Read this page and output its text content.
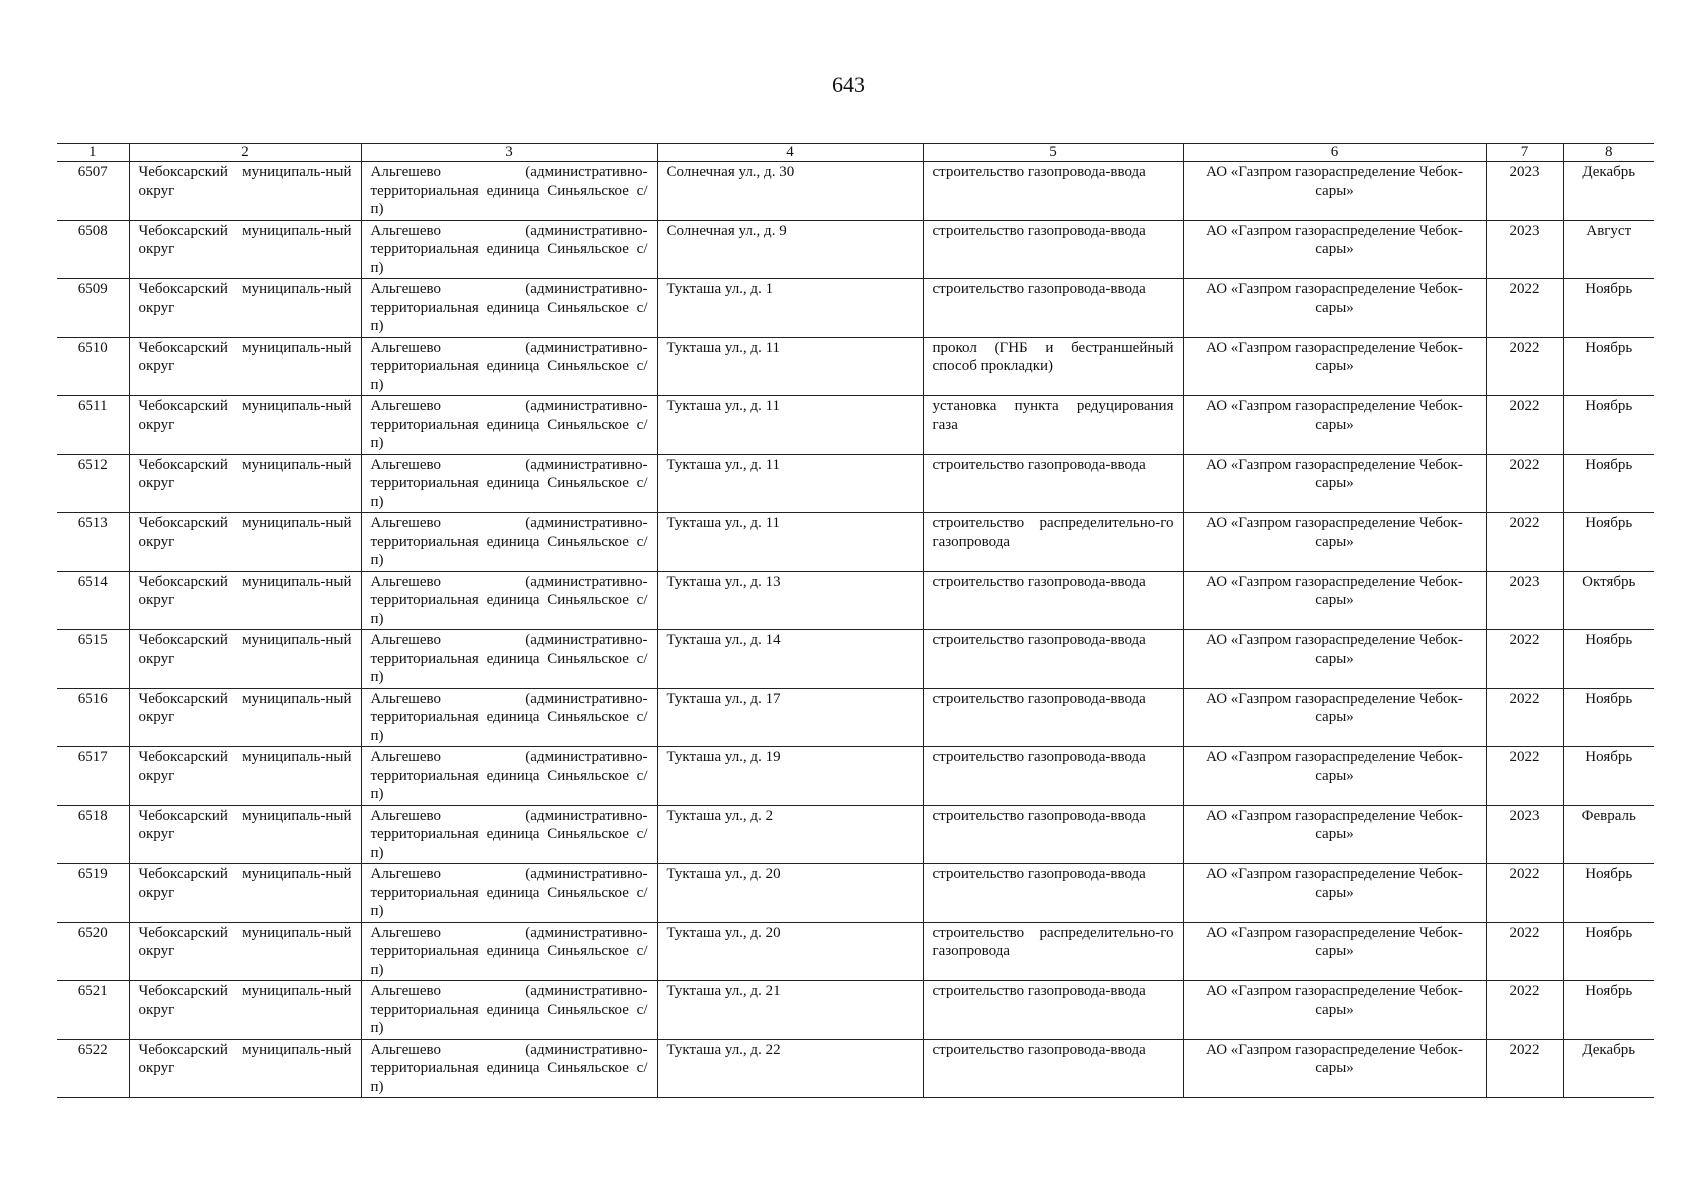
643
1	2	3	4	5	6	7	8
6507	Чебоксарский муниципаль-ный округ	Альгешево (административно-территориальная единица Синьяльское с/п)	Солнечная ул., д. 30	строительство газопровода-ввода	АО «Газпром газораспределение Чебок-сары»	2023	Декабрь
6508	Чебоксарский муниципаль-ный округ	Альгешево (административно-территориальная единица Синьяльское с/п)	Солнечная ул., д. 9	строительство газопровода-ввода	АО «Газпром газораспределение Чебок-сары»	2023	Август
6509	Чебоксарский муниципаль-ный округ	Альгешево (административно-территориальная единица Синьяльское с/п)	Тукташа ул., д. 1	строительство газопровода-ввода	АО «Газпром газораспределение Чебок-сары»	2022	Ноябрь
6510	Чебоксарский муниципаль-ный округ	Альгешево (административно-территориальная единица Синьяльское с/п)	Тукташа ул., д. 11	прокол (ГНБ и бестраншейный способ прокладки)	АО «Газпром газораспределение Чебок-сары»	2022	Ноябрь
6511	Чебоксарский муниципаль-ный округ	Альгешево (административно-территориальная единица Синьяльское с/п)	Тукташа ул., д. 11	установка пункта редуцирования газа	АО «Газпром газораспределение Чебок-сары»	2022	Ноябрь
6512	Чебоксарский муниципаль-ный округ	Альгешево (административно-территориальная единица Синьяльское с/п)	Тукташа ул., д. 11	строительство газопровода-ввода	АО «Газпром газораспределение Чебок-сары»	2022	Ноябрь
6513	Чебоксарский муниципаль-ный округ	Альгешево (административно-территориальная единица Синьяльское с/п)	Тукташа ул., д. 11	строительство распределительно-го газопровода	АО «Газпром газораспределение Чебок-сары»	2022	Ноябрь
6514	Чебоксарский муниципаль-ный округ	Альгешево (административно-территориальная единица Синьяльское с/п)	Тукташа ул., д. 13	строительство газопровода-ввода	АО «Газпром газораспределение Чебок-сары»	2023	Октябрь
6515	Чебоксарский муниципаль-ный округ	Альгешево (административно-территориальная единица Синьяльское с/п)	Тукташа ул., д. 14	строительство газопровода-ввода	АО «Газпром газораспределение Чебок-сары»	2022	Ноябрь
6516	Чебоксарский муниципаль-ный округ	Альгешево (административно-территориальная единица Синьяльское с/п)	Тукташа ул., д. 17	строительство газопровода-ввода	АО «Газпром газораспределение Чебок-сары»	2022	Ноябрь
6517	Чебоксарский муниципаль-ный округ	Альгешево (административно-территориальная единица Синьяльское с/п)	Тукташа ул., д. 19	строительство газопровода-ввода	АО «Газпром газораспределение Чебок-сары»	2022	Ноябрь
6518	Чебоксарский муниципаль-ный округ	Альгешево (административно-территориальная единица Синьяльское с/п)	Тукташа ул., д. 2	строительство газопровода-ввода	АО «Газпром газораспределение Чебок-сары»	2023	Февраль
6519	Чебоксарский муниципаль-ный округ	Альгешево (административно-территориальная единица Синьяльское с/п)	Тукташа ул., д. 20	строительство газопровода-ввода	АО «Газпром газораспределение Чебок-сары»	2022	Ноябрь
6520	Чебоксарский муниципаль-ный округ	Альгешево (административно-территориальная единица Синьяльское с/п)	Тукташа ул., д. 20	строительство распределительно-го газопровода	АО «Газпром газораспределение Чебок-сары»	2022	Ноябрь
6521	Чебоксарский муниципаль-ный округ	Альгешево (административно-территориальная единица Синьяльское с/п)	Тукташа ул., д. 21	строительство газопровода-ввода	АО «Газпром газораспределение Чебок-сары»	2022	Ноябрь
6522	Чебоксарский муниципаль-ный округ	Альгешево (административно-территориальная единица Синьяльское с/п)	Тукташа ул., д. 22	строительство газопровода-ввода	АО «Газпром газораспределение Чебок-сары»	2022	Декабрь
